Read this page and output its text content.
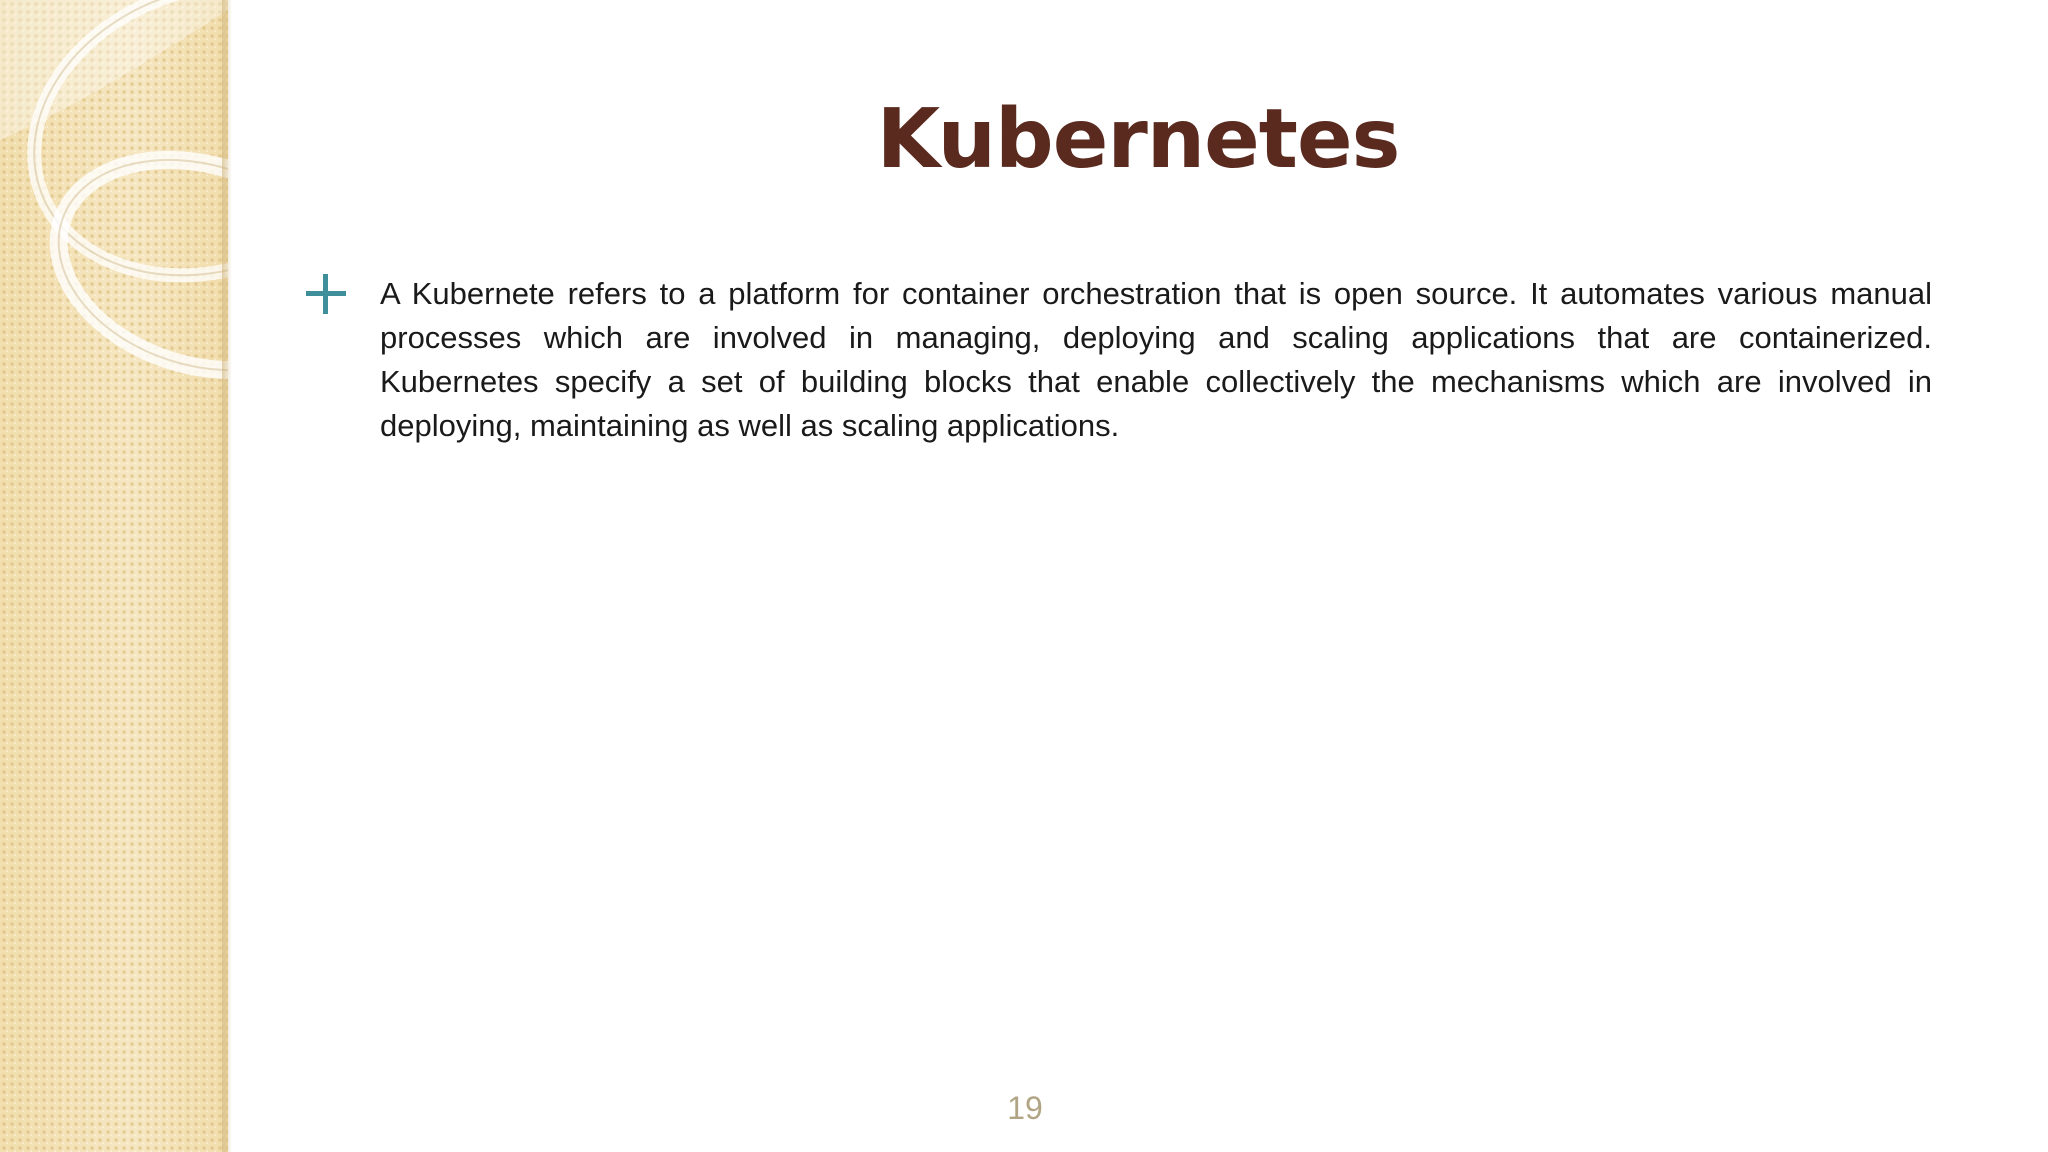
Kubernetes
A Kubernete refers to a platform for container orchestration that is open source. It automates various manual processes which are involved in managing, deploying and scaling applications that are containerized. Kubernetes specify a set of building blocks that enable collectively the mechanisms which are involved in deploying, maintaining as well as scaling applications.
19
